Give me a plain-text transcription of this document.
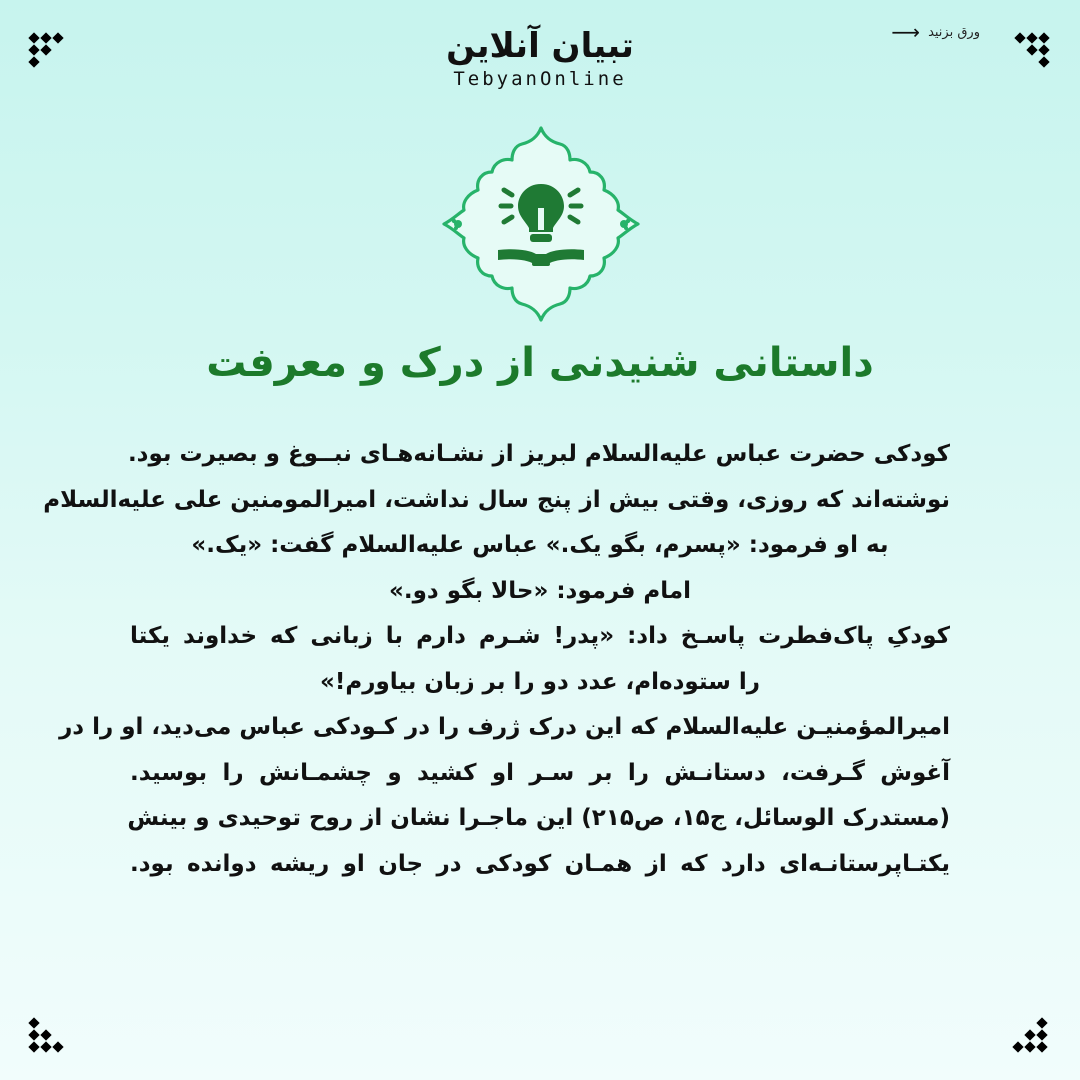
ورق بزنید
⟶
تبیان آنلاین
TebyanOnline
داستانی شنیدنی از درک و معرفت
کودکی حضرت عباس علیه‌السلام لبریز از نشـانه‌هـای نبــوغ و بصیرت بود.
نوشته‌اند که روزی، وقتی بیش از پنج سال نداشت، امیرالمومنین علی علیه‌السلام
به او فرمود: «پسرم، بگو یک.» عباس علیه‌السلام گفت: «یک.»
امام فرمود: «حالا بگو دو.»
کودکِ پاک‌فطرت پاسـخ داد: «پدر! شـرم دارم با زبانی که خداوند یکتا
را ستوده‌ام، عدد دو را بر زبان بیاورم!»
امیرالمؤمنیـن علیه‌السلام که این درک ژرف را در کـودکی عباس می‌دید، او را در
آغوش گـرفت، دستانـش را بر سـر او کشید و چشمـانش را بوسید.
(مستدرک الوسائل، ج۱۵، ص۲۱۵) این ماجـرا نشان از روح توحیدی و بینش
یکتـاپرستانـه‌ای دارد که از همـان کودکی در جان او ریشه دوانده بود.
